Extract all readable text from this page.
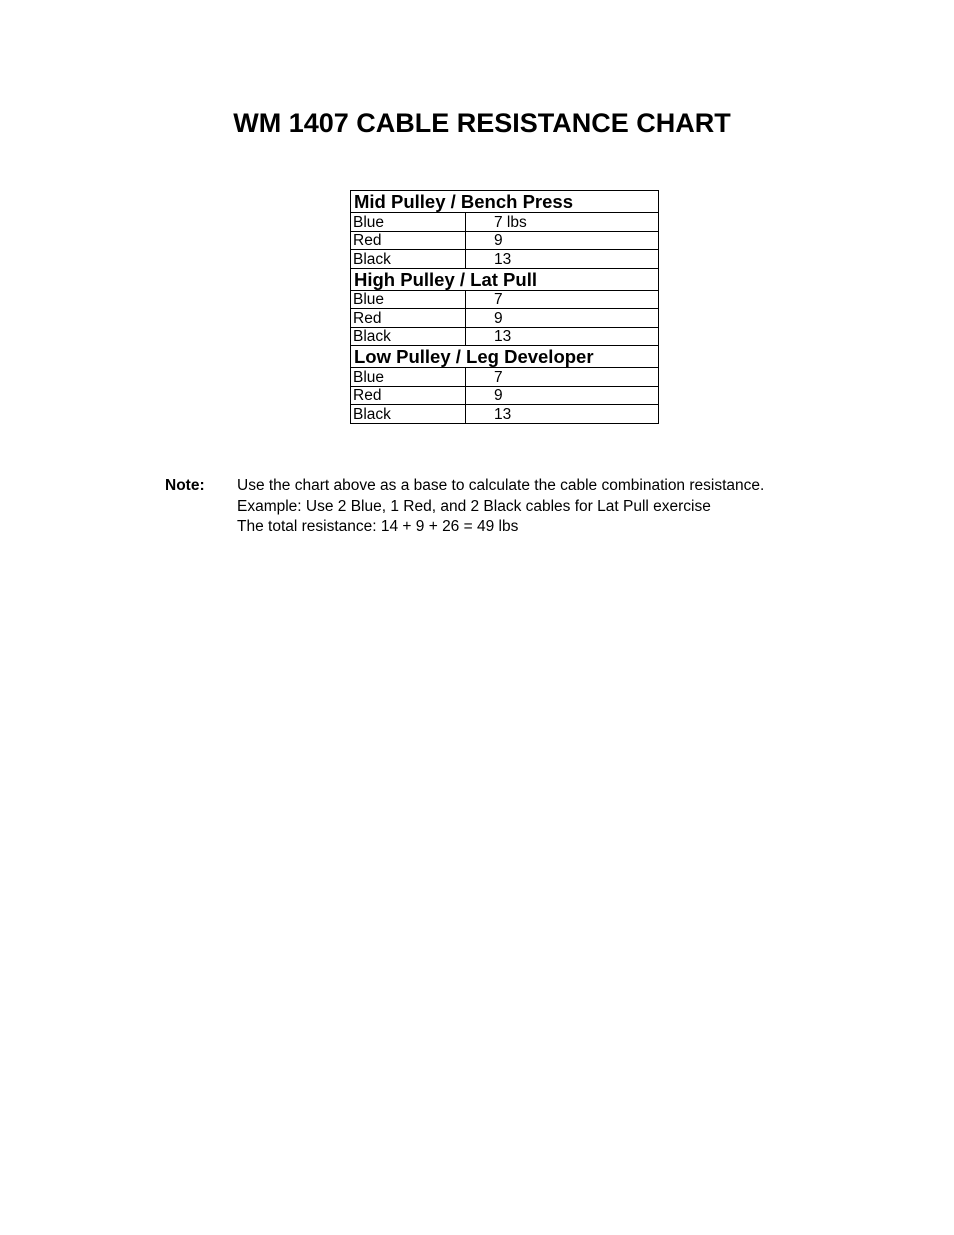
WM 1407 CABLE RESISTANCE CHART
Mid Pulley / Bench Press	
Blue	7 lbs
Red	9
Black	13
High Pulley / Lat Pull	
Blue	7
Red	9
Black	13
Low Pulley / Leg Developer	
Blue	7
Red	9
Black	13
Note: Use the chart above as a base to calculate the cable combination resistance.
Example: Use 2 Blue, 1 Red, and 2 Black cables for Lat Pull exercise
The total resistance: 14 + 9 + 26 = 49 lbs
